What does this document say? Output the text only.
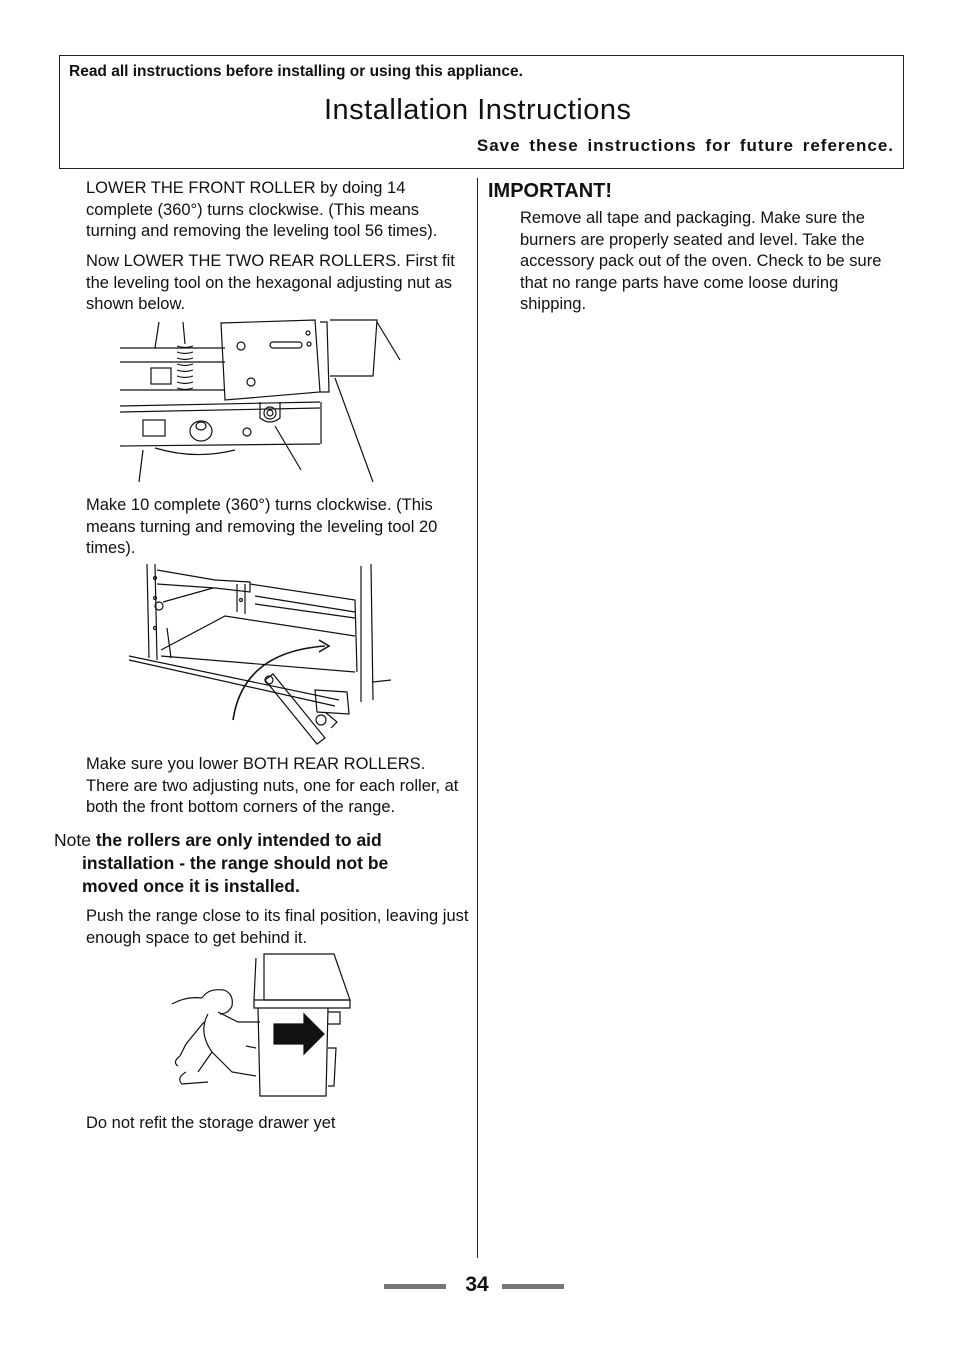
Read all instructions before installing or using this appliance.
Installation Instructions
Save these instructions for future reference.

LOWER THE FRONT ROLLER by doing 14 complete (360°) turns clockwise. (This means turning and removing the leveling tool 56 times).

Now LOWER THE TWO REAR ROLLERS. First fit the leveling tool on the hexagonal adjusting nut as shown below.

Make 10 complete (360°) turns clockwise. (This means turning and removing the leveling tool 20 times).

Make sure you lower BOTH REAR ROLLERS. There are two adjusting nuts, one for each roller, at both the front bottom corners of the range.

Note the rollers are only intended to aid
installation - the range should not be
moved once it is installed.

Push the range close to its final position, leaving just enough space to get behind it.

Do not refit the storage drawer yet

IMPORTANT!

Remove all tape and packaging. Make sure the burners are properly seated and level. Take the accessory pack out of the oven. Check to be sure that no range parts have come loose during shipping.

34
